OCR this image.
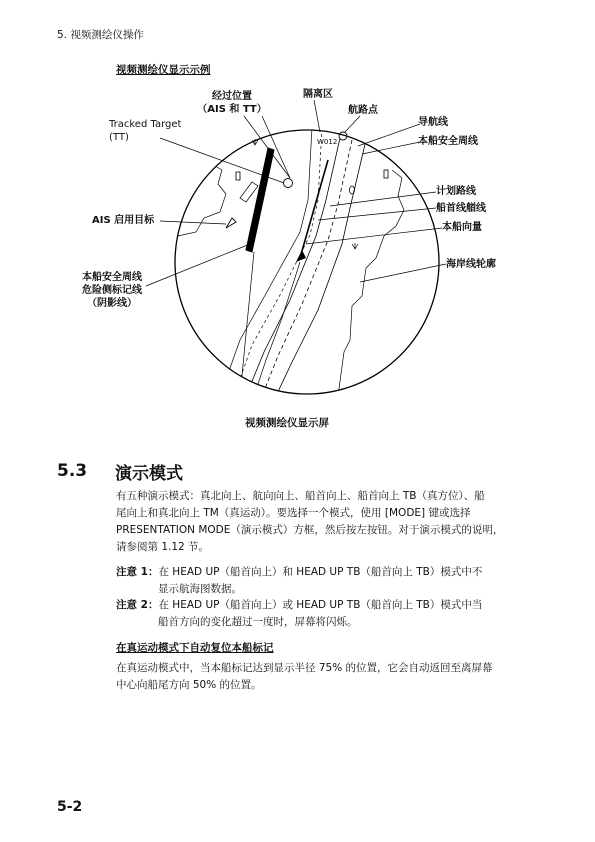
5. 视频测绘仪操作
视频测绘仪显示示例
经过位置
（AIS 和 TT）
隔离区
航路点
Tracked Target
(TT)
导航线
本船安全周线
W012
计划路线
船首线艏线
本船向量
AIS 启用目标
海岸线轮廓
本船安全周线
危险侧标记线
（阴影线）
视频测绘仪显示屏
5.3 演示模式
有五种演示模式：真北向上、航向向上、船首向上、船首向上 TB（真方位）、船
尾向上和真北向上 TM（真运动）。要选择一个模式，使用 [MODE] 键或选择
PRESENTATION MODE（演示模式）方框，然后按左按钮。对于演示模式的说明，
请参阅第 1.12 节。
注意 1：在 HEAD UP（船首向上）和 HEAD UP TB（船首向上 TB）模式中不
显示航海图数据。
注意 2：在 HEAD UP（船首向上）或 HEAD UP TB（船首向上 TB）模式中当
船首方向的变化超过一度时，屏幕将闪烁。
在真运动模式下自动复位本船标记
在真运动模式中，当本船标记达到显示半径 75% 的位置，它会自动返回至离屏幕
中心向船尾方向 50% 的位置。
5-2
